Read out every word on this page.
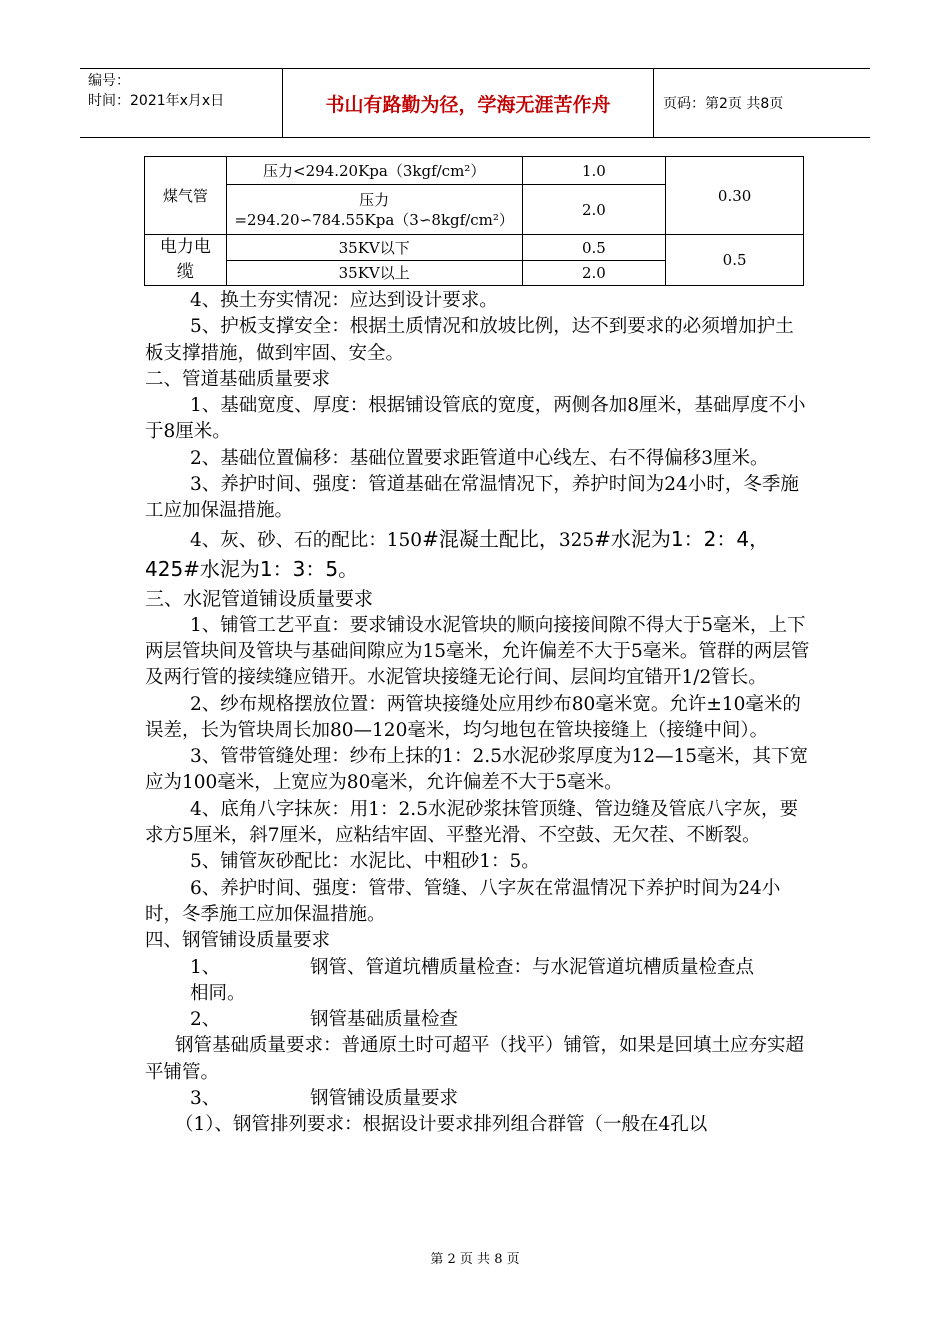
编号：
时间：2021年x月x日	书山有路勤为径，学海无涯苦作舟	页码：第2页 共8页
煤气管	压力<294.20Kpa（3kgf/cm²）	1.0	0.30

	压力
=294.20∽784.55Kpa（3∽8kgf/cm²）	2.0	

电力电
缆	35KV以下	0.5	0.5
	35KV以上	2.0	

4、换土夯实情况：应达到设计要求。

5、护板支撑安全：根据土质情况和放坡比例，达不到要求的必须增加护土板支撑措施，做到牢固、安全。

二、管道基础质量要求

1、基础宽度、厚度：根据铺设管底的宽度，两侧各加8厘米，基础厚度不小于8厘米。

2、基础位置偏移：基础位置要求距管道中心线左、右不得偏移3厘米。

3、养护时间、强度：管道基础在常温情况下，养护时间为24小时，冬季施工应加保温措施。

4、灰、砂、石的配比：150#混凝土配比，325#水泥为1：2：4，425#水泥为1：3：5。

三、水泥管道铺设质量要求

1、铺管工艺平直：要求铺设水泥管块的顺向接接间隙不得大于5毫米，上下两层管块间及管块与基础间隙应为15毫米，允许偏差不大于5毫米。管群的两层管及两行管的接续缝应错开。水泥管块接缝无论行间、层间均宜错开1/2管长。

2、纱布规格摆放位置：两管块接缝处应用纱布80毫米宽。允许±10毫米的误差，长为管块周长加80—120毫米，均匀地包在管块接缝上（接缝中间）。

3、管带管缝处理：纱布上抹的1：2.5水泥砂浆厚度为12—15毫米，其下宽应为100毫米，上宽应为80毫米，允许偏差不大于5毫米。

4、底角八字抹灰：用1：2.5水泥砂浆抹管顶缝、管边缝及管底八字灰，要求方5厘米，斜7厘米，应粘结牢固、平整光滑、不空鼓、无欠茬、不断裂。

5、铺管灰砂配比：水泥比、中粗砂1：5。

6、养护时间、强度：管带、管缝、八字灰在常温情况下养护时间为24小时，冬季施工应加保温措施。

四、钢管铺设质量要求

1、	钢管、管道坑槽质量检查：与水泥管道坑槽质量检查点

相同。

2、	钢管基础质量检查

钢管基础质量要求：普通原土时可超平（找平）铺管，如果是回填土应夯实超平铺管。

3、	钢管铺设质量要求

（1）、钢管排列要求：根据设计要求排列组合群管（一般在4孔以

第 2 页 共 8 页
